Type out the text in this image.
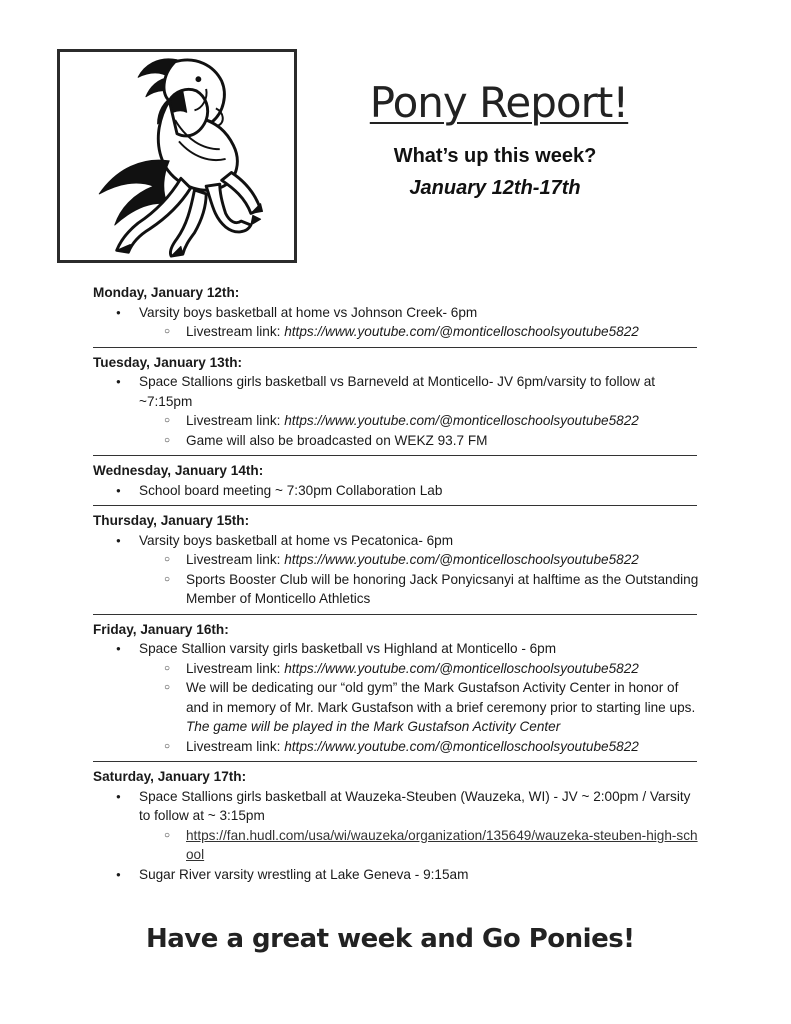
Pony Report!
What’s up this week?
January 12th-17th
Monday, January 12th:
● Varsity boys basketball at home vs Johnson Creek- 6pm
○ Livestream link: https://www.youtube.com/@monticelloschoolsyoutube5822
Tuesday, January 13th:
● Space Stallions girls basketball vs Barneveld at Monticello- JV 6pm/varsity to follow at ~7:15pm
○ Livestream link: https://www.youtube.com/@monticelloschoolsyoutube5822
○ Game will also be broadcasted on WEKZ 93.7 FM
Wednesday, January 14th:
● School board meeting ~ 7:30pm Collaboration Lab
Thursday, January 15th:
● Varsity boys basketball at home vs Pecatonica- 6pm
○ Livestream link: https://www.youtube.com/@monticelloschoolsyoutube5822
○ Sports Booster Club will be honoring Jack Ponyicsanyi at halftime as the Outstanding Member of Monticello Athletics
Friday, January 16th:
● Space Stallion varsity girls basketball vs Highland at Monticello - 6pm
○ Livestream link: https://www.youtube.com/@monticelloschoolsyoutube5822
○ We will be dedicating our “old gym” the Mark Gustafson Activity Center in honor of and in memory of Mr. Mark Gustafson with a brief ceremony prior to starting line ups. The game will be played in the Mark Gustafson Activity Center
○ Livestream link: https://www.youtube.com/@monticelloschoolsyoutube5822
Saturday, January 17th:
● Space Stallions girls basketball at Wauzeka-Steuben (Wauzeka, WI) - JV ~ 2:00pm / Varsity to follow at ~ 3:15pm
○ https://fan.hudl.com/usa/wi/wauzeka/organization/135649/wauzeka-steuben-high-school
● Sugar River varsity wrestling at Lake Geneva - 9:15am
Have a great week and Go Ponies!
